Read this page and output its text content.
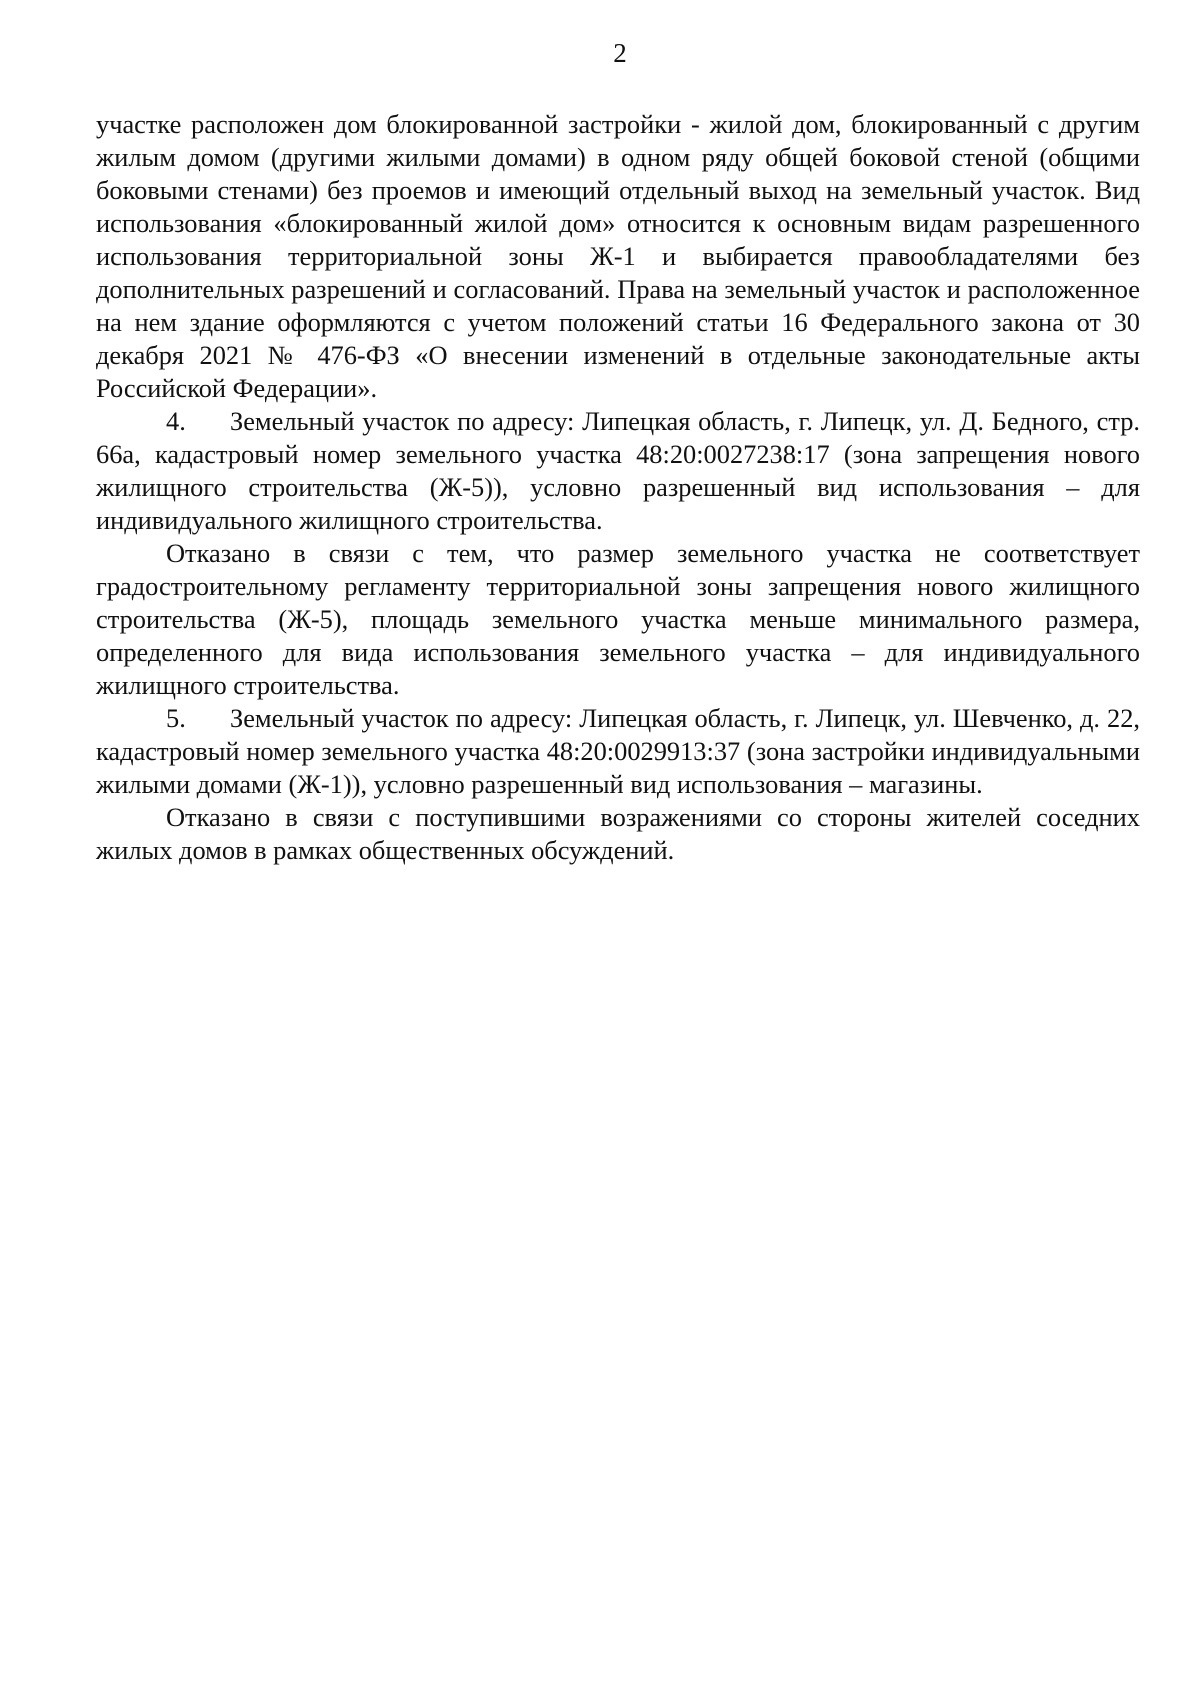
2

участке расположен дом блокированной застройки - жилой дом, блокированный с другим жилым домом (другими жилыми домами) в одном ряду общей боковой стеной (общими боковыми стенами) без проемов и имеющий отдельный выход на земельный участок. Вид использования «блокированный жилой дом» относится к основным видам разрешенного использования территориальной зоны Ж-1 и выбирается правообладателями без дополнительных разрешений и согласований. Права на земельный участок и расположенное на нем здание оформляются с учетом положений статьи 16 Федерального закона от 30 декабря 2021 № 476-ФЗ «О внесении изменений в отдельные законодательные акты Российской Федерации».

4. Земельный участок по адресу: Липецкая область, г. Липецк, ул. Д. Бедного, стр. 66а, кадастровый номер земельного участка 48:20:0027238:17 (зона запрещения нового жилищного строительства (Ж-5)), условно разрешенный вид использования – для индивидуального жилищного строительства.

Отказано в связи с тем, что размер земельного участка не соответствует градостроительному регламенту территориальной зоны запрещения нового жилищного строительства (Ж-5), площадь земельного участка меньше минимального размера, определенного для вида использования земельного участка – для индивидуального жилищного строительства.

5. Земельный участок по адресу: Липецкая область, г. Липецк, ул. Шевченко, д. 22, кадастровый номер земельного участка 48:20:0029913:37 (зона застройки индивидуальными жилыми домами (Ж-1)), условно разрешенный вид использования – магазины.

Отказано в связи с поступившими возражениями со стороны жителей соседних жилых домов в рамках общественных обсуждений.
